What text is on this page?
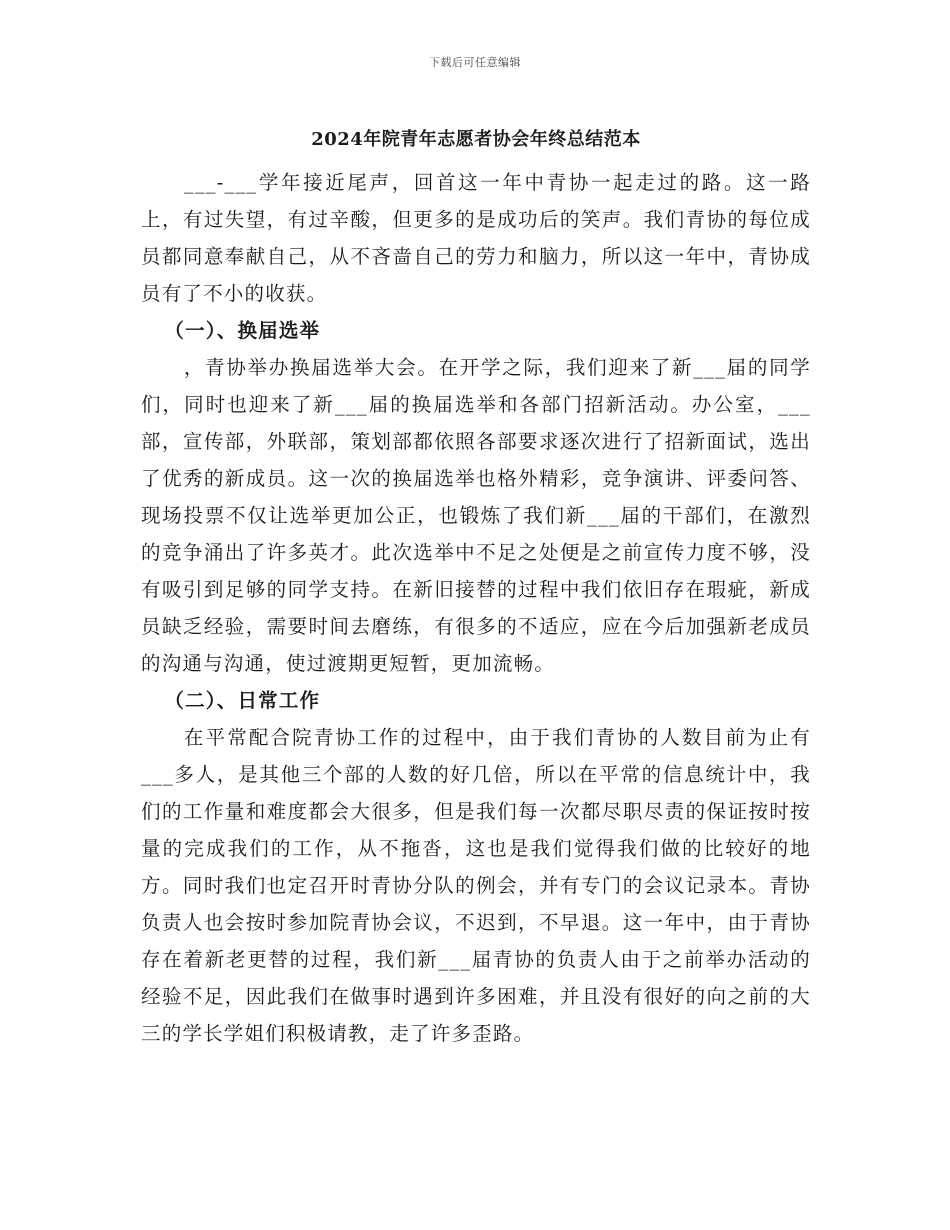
下载后可任意编辑
2024年院青年志愿者协会年终总结范本

___-___学年接近尾声，回首这一年中青协一起走过的路。这一路上，有过失望，有过辛酸，但更多的是成功后的笑声。我们青协的每位成员都同意奉献自己，从不吝啬自己的劳力和脑力，所以这一年中，青协成员有了不小的收获。

（一）、换届选举

，青协举办换届选举大会。在开学之际，我们迎来了新___届的同学们，同时也迎来了新___届的换届选举和各部门招新活动。办公室，___部，宣传部，外联部，策划部都依照各部要求逐次进行了招新面试，选出了优秀的新成员。这一次的换届选举也格外精彩，竞争演讲、评委问答、现场投票不仅让选举更加公正，也锻炼了我们新___届的干部们，在激烈的竞争涌出了许多英才。此次选举中不足之处便是之前宣传力度不够，没有吸引到足够的同学支持。在新旧接替的过程中我们依旧存在瑕疵，新成员缺乏经验，需要时间去磨练，有很多的不适应，应在今后加强新老成员的沟通与沟通，使过渡期更短暂，更加流畅。

（二）、日常工作

在平常配合院青协工作的过程中，由于我们青协的人数目前为止有___多人，是其他三个部的人数的好几倍，所以在平常的信息统计中，我们的工作量和难度都会大很多，但是我们每一次都尽职尽责的保证按时按量的完成我们的工作，从不拖沓，这也是我们觉得我们做的比较好的地方。同时我们也定召开时青协分队的例会，并有专门的会议记录本。青协负责人也会按时参加院青协会议，不迟到，不早退。这一年中，由于青协存在着新老更替的过程，我们新___届青协的负责人由于之前举办活动的经验不足，因此我们在做事时遇到许多困难，并且没有很好的向之前的大三的学长学姐们积极请教，走了许多歪路。
